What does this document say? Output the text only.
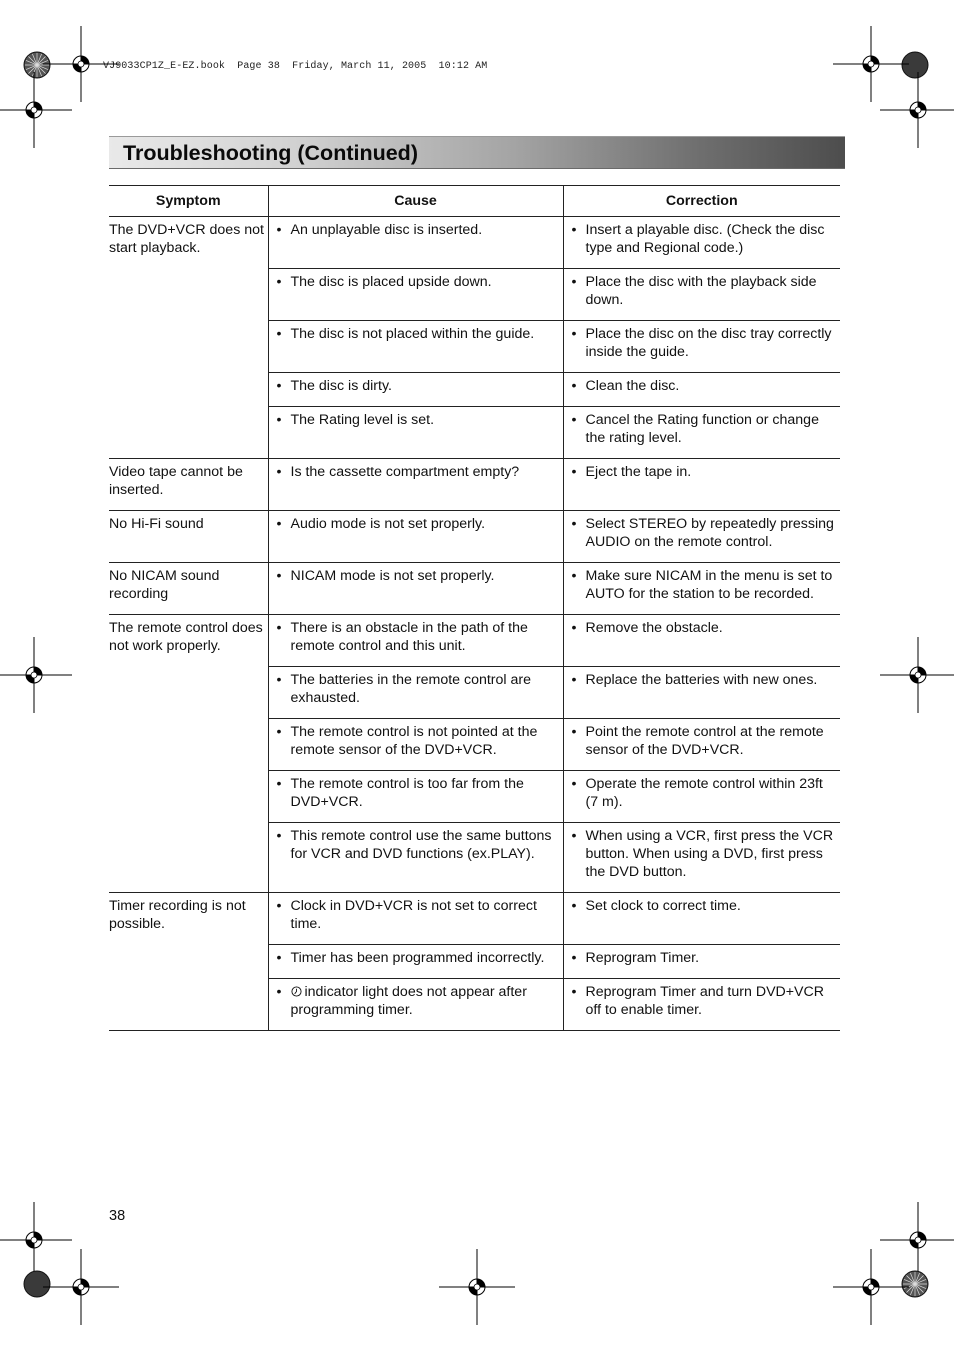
VJ9033CP1Z_E-EZ.book  Page 38  Friday, March 11, 2005  10:12 AM
Troubleshooting (Continued)
Symptom	Cause	Correction
The DVD+VCR does not start playback.	• An unplayable disc is inserted.	• Insert a playable disc. (Check the disc type and Regional code.)

	• The disc is placed upside down.	• Place the disc with the playback side down.

	• The disc is not placed within the guide.	• Place the disc on the disc tray correctly inside the guide.

	• The disc is dirty.	• Clean the disc.

	• The Rating level is set.	• Cancel the Rating function or change the rating level.

Video tape cannot be inserted.	• Is the cassette compartment empty?	• Eject the tape in.

No Hi-Fi sound	• Audio mode is not set properly.	• Select STEREO by repeatedly pressing AUDIO on the remote control.

No NICAM sound recording	• NICAM mode is not set properly.	• Make sure NICAM in the menu is set to AUTO for the station to be recorded.

The remote control does not work properly.	• There is an obstacle in the path of the remote control and this unit.	• Remove the obstacle.

	• The batteries in the remote control are exhausted.	• Replace the batteries with new ones.

	• The remote control is not pointed at the remote sensor of the DVD+VCR.	• Point the remote control at the remote sensor of the DVD+VCR.

	• The remote control is too far from the DVD+VCR.	• Operate the remote control within 23ft (7 m).

	• This remote control use the same buttons for VCR and DVD functions (ex.PLAY).	• When using a VCR, first press the VCR button. When using a DVD, first press the DVD button.

Timer recording is not possible.	• Clock in DVD+VCR is not set to correct time.	• Set clock to correct time.

	• Timer has been programmed incorrectly.	• Reprogram Timer.

	• indicator light does not appear after programming timer.	• Reprogram Timer and turn DVD+VCR off to enable timer.
38
